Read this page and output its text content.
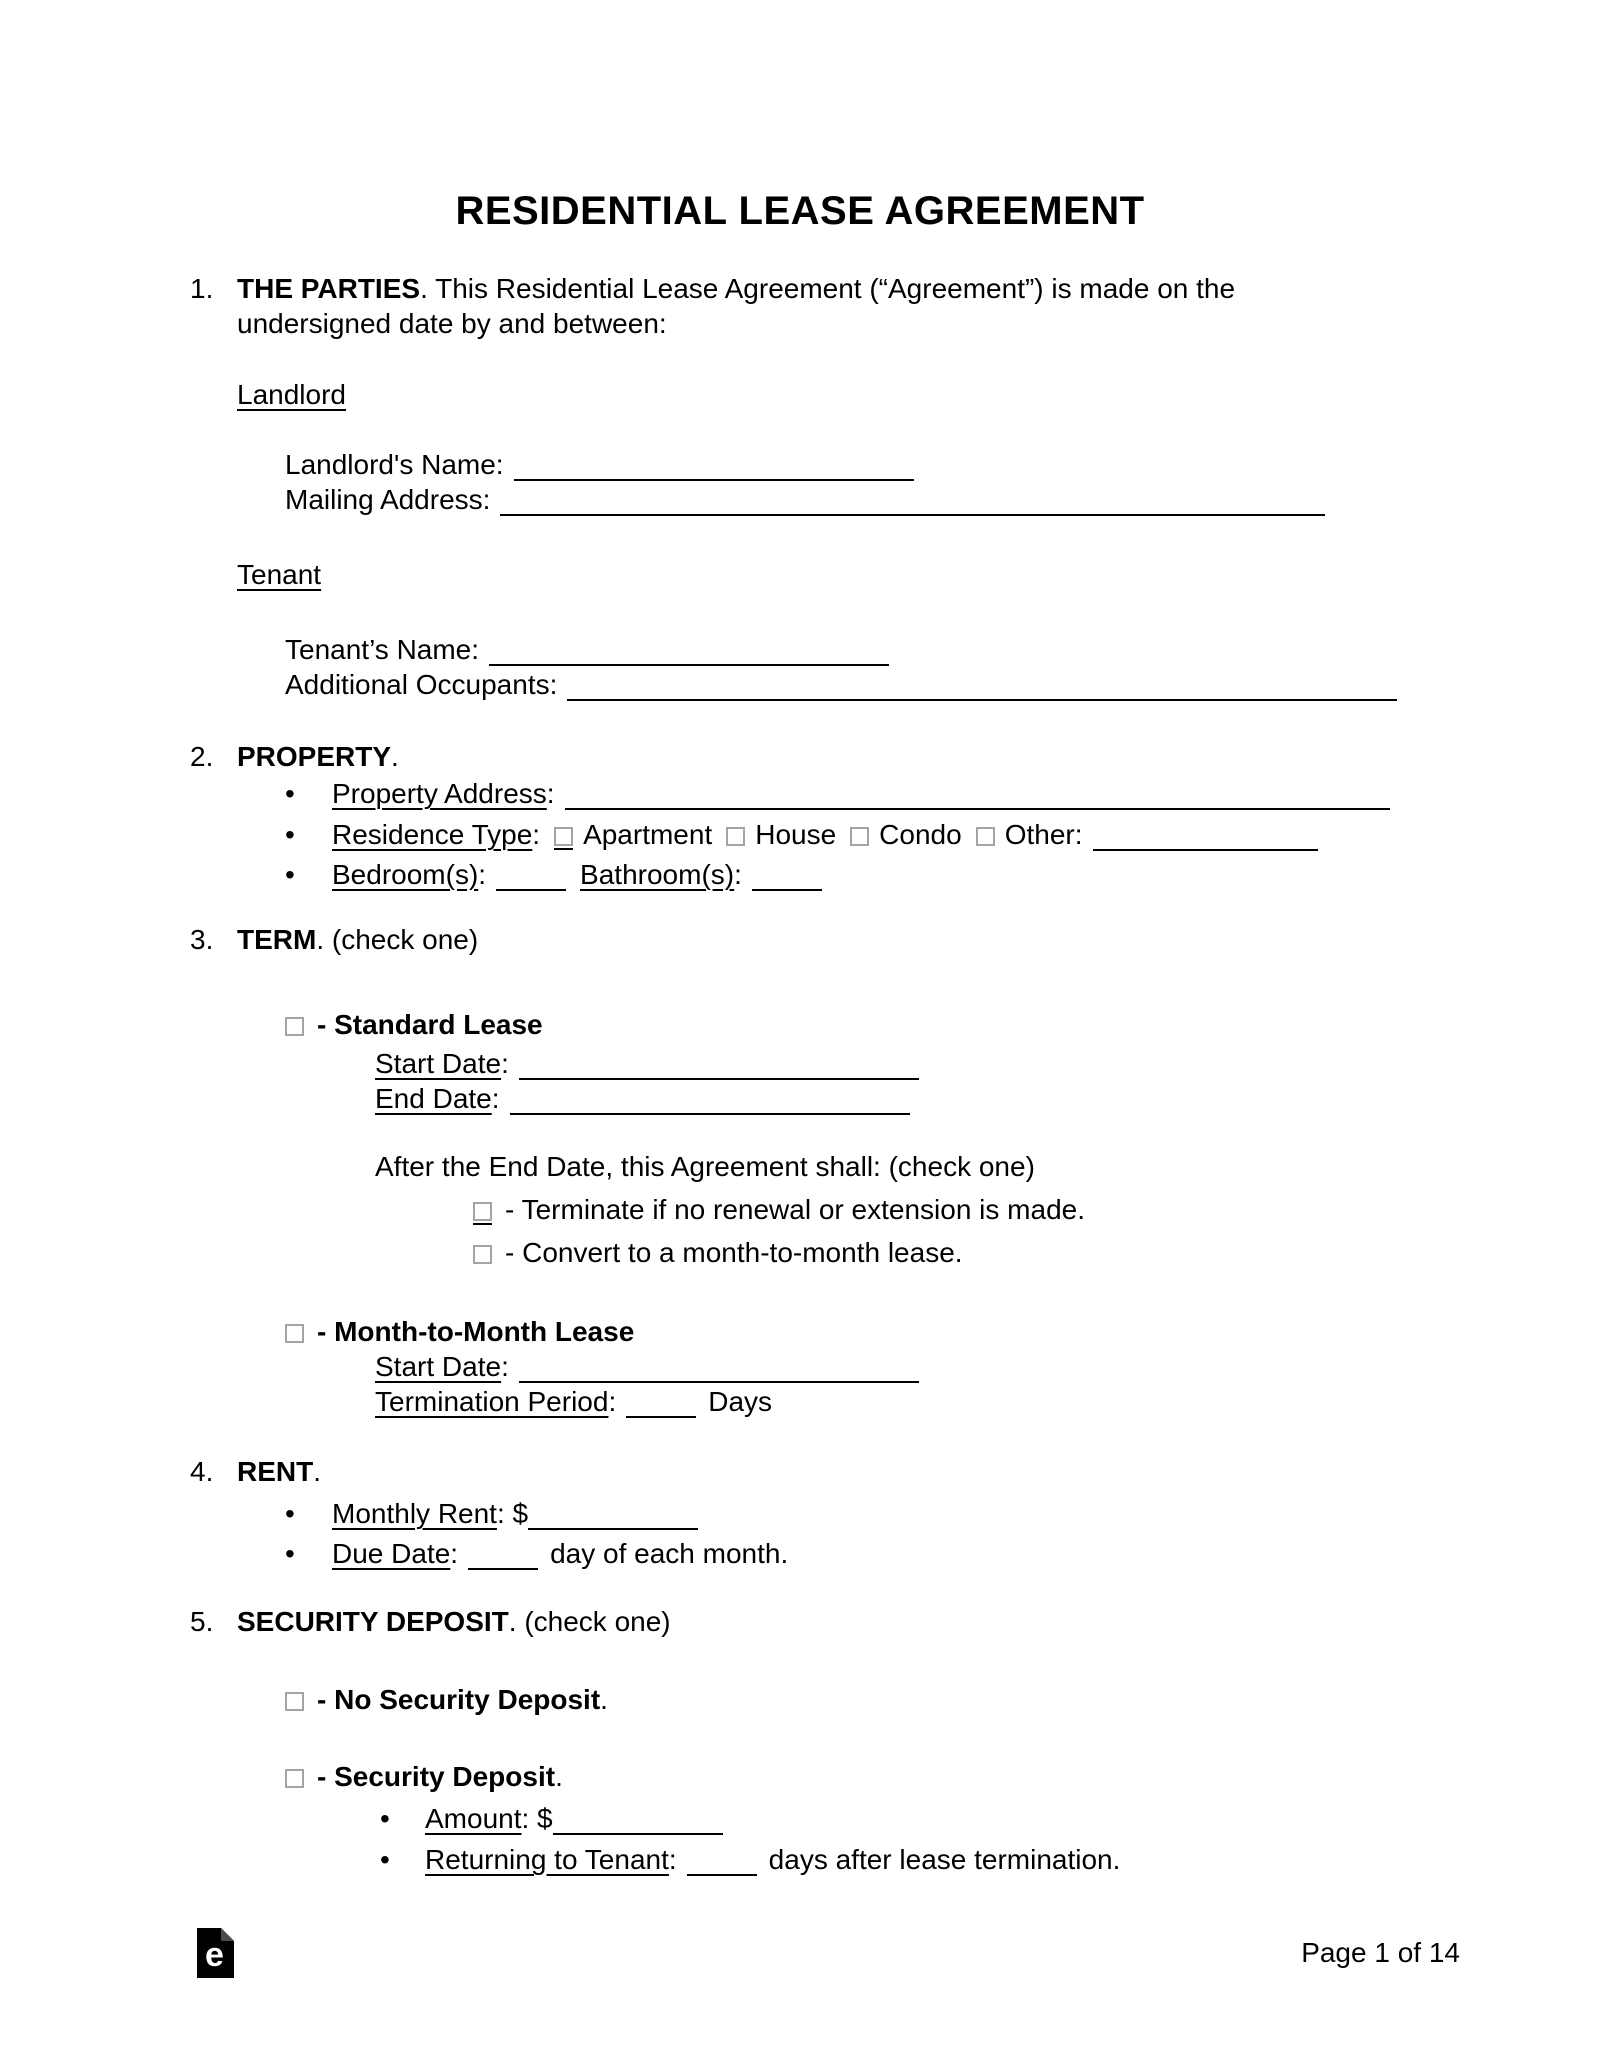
RESIDENTIAL LEASE AGREEMENT
1. THE PARTIES. This Residential Lease Agreement (“Agreement”) is made on the
undersigned date by and between:
Landlord
Landlord's Name:
Mailing Address:
Tenant
Tenant’s Name:
Additional Occupants:
2. PROPERTY.
•Property Address:
•Residence Type: Apartment House Condo Other:
•Bedroom(s):	Bathroom(s):
3. TERM. (check one)
- Standard Lease
Start Date:
End Date:
After the End Date, this Agreement shall: (check one)
- Terminate if no renewal or extension is made.
- Convert to a month-to-month lease.
- Month-to-Month Lease
Start Date:
Termination Period:	Days
4. RENT.
•Monthly Rent: $
•Due Date:	day of each month.
5. SECURITY DEPOSIT. (check one)
- No Security Deposit.
- Security Deposit.
•Amount: $
•Returning to Tenant:	days after lease termination.
e	Page 1 of 14
